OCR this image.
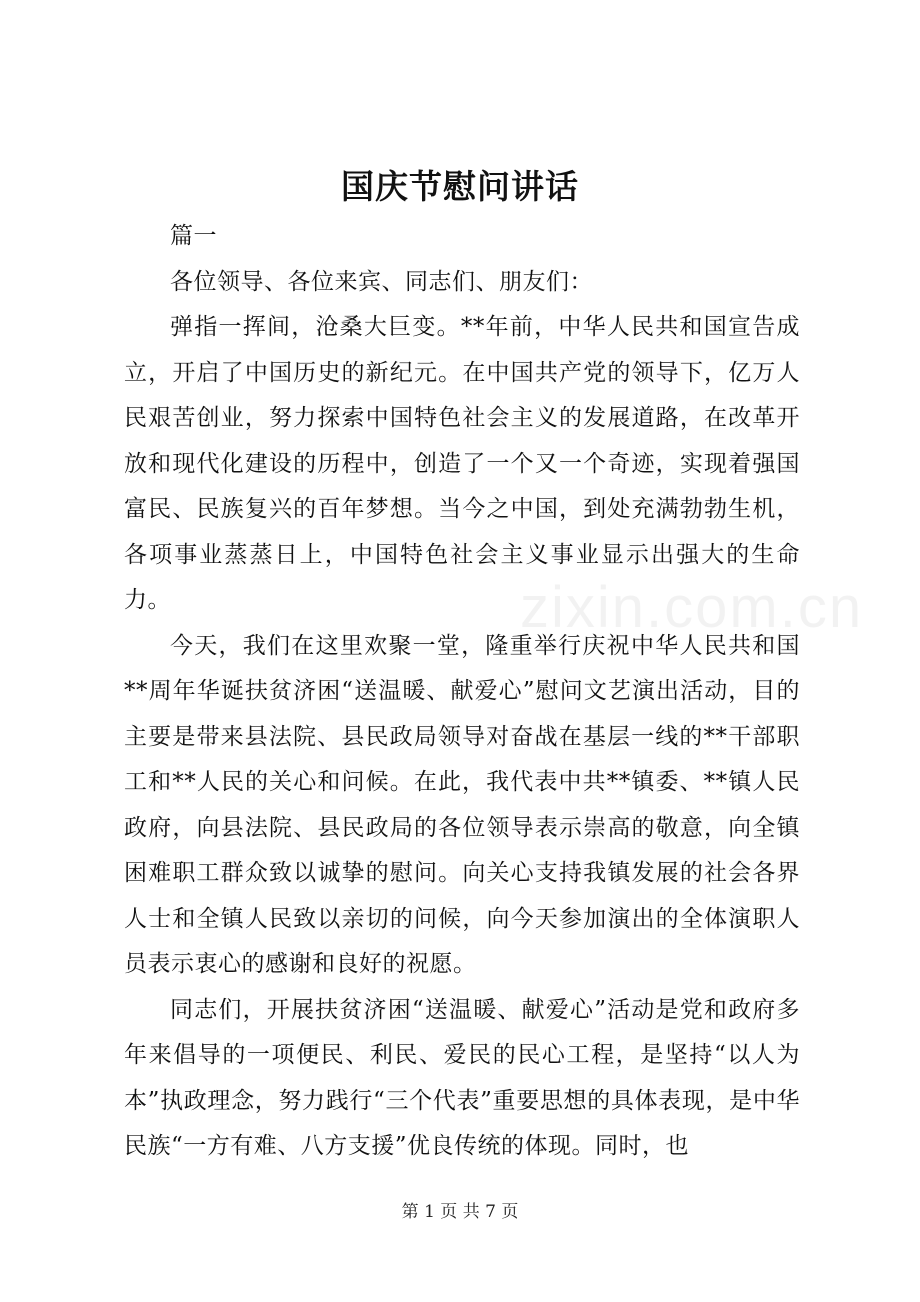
国庆节慰问讲话

篇一

各位领导、各位来宾、同志们、朋友们：

弹指一挥间，沧桑大巨变。**年前，中华人民共和国宣告成立，开启了中国历史的新纪元。在中国共产党的领导下，亿万人民艰苦创业，努力探索中国特色社会主义的发展道路，在改革开放和现代化建设的历程中，创造了一个又一个奇迹，实现着强国富民、民族复兴的百年梦想。当今之中国，到处充满勃勃生机，各项事业蒸蒸日上，中国特色社会主义事业显示出强大的生命力。

今天，我们在这里欢聚一堂，隆重举行庆祝中华人民共和国**周年华诞扶贫济困“送温暖、献爱心”慰问文艺演出活动，目的主要是带来县法院、县民政局领导对奋战在基层一线的**干部职工和**人民的关心和问候。在此，我代表中共**镇委、**镇人民政府，向县法院、县民政局的各位领导表示崇高的敬意，向全镇困难职工群众致以诚挚的慰问。向关心支持我镇发展的社会各界人士和全镇人民致以亲切的问候，向今天参加演出的全体演职人员表示衷心的感谢和良好的祝愿。

同志们，开展扶贫济困“送温暖、献爱心”活动是党和政府多年来倡导的一项便民、利民、爱民的民心工程，是坚持“以人为本”执政理念，努力践行“三个代表”重要思想的具体表现，是中华民族“一方有难、八方支援”优良传统的体现。同时，也

zixin.com.cn
第 1 页 共 7 页
